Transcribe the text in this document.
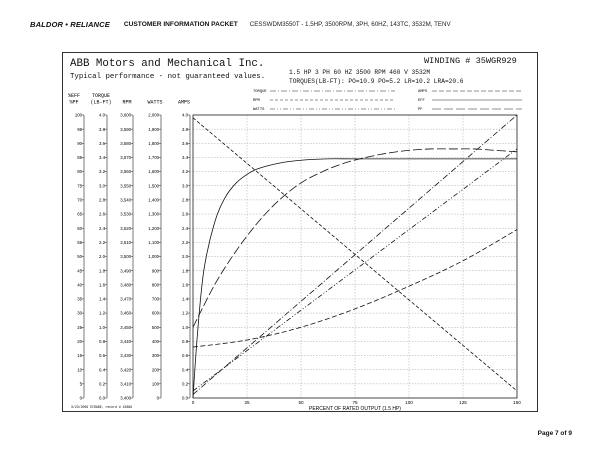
BALDOR • RELIANCE CUSTOMER INFORMATION PACKET CESSWDM3550T - 1.5HP, 3500RPM, 3PH, 60HZ, 143TC, 3532M, TENV
ABB Motors and Mechanical Inc.
Typical performance - not guaranteed values.
WINDING # 35WGR929
1.5 HP 3 PH 60 HZ 3500 RPM 460 V 3532M
TORQUES(LB-FT): PO=10.9 PO=5.2 LR=10.2 LRA=20.6
TORQUE
RPM
WATTS
AMPS
EFF
PF
3/23/2009 ECRANE, record # 43889
0	25	50	75	100	125	150
PERCENT OF RATED OUTPUT (1.5 HP)
100
95
90
85
80
75
70
65
60
55
50
45
40
35
30
25
20
15
10
5
0
%EFF
%PF
4.0
3.8
3.6
3.4
3.2
3.0
2.8
2.6
2.4
2.2
2.0
1.8
1.6
1.4
1.2
1.0
0.8
0.6
0.4
0.2
0.0
TORQUE
(LB-FT)
3,600
3,590
3,580
3,570
3,560
3,550
3,540
3,530
3,520
3,510
3,500
3,490
3,480
3,470
3,460
3,450
3,440
3,430
3,420
3,410
3,400
RPM
2,000
1,900
1,800
1,700
1,600
1,500
1,400
1,300
1,200
1,100
1,000
900
800
700
600
500
400
300
200
100
0
WATTS
4.0
3.8
3.6
3.4
3.2
3.0
2.8
2.6
2.4
2.2
2.0
1.8
1.6
1.4
1.2
1.0
0.8
0.6
0.4
0.2
0.0
AMPS
Page 7 of 9
